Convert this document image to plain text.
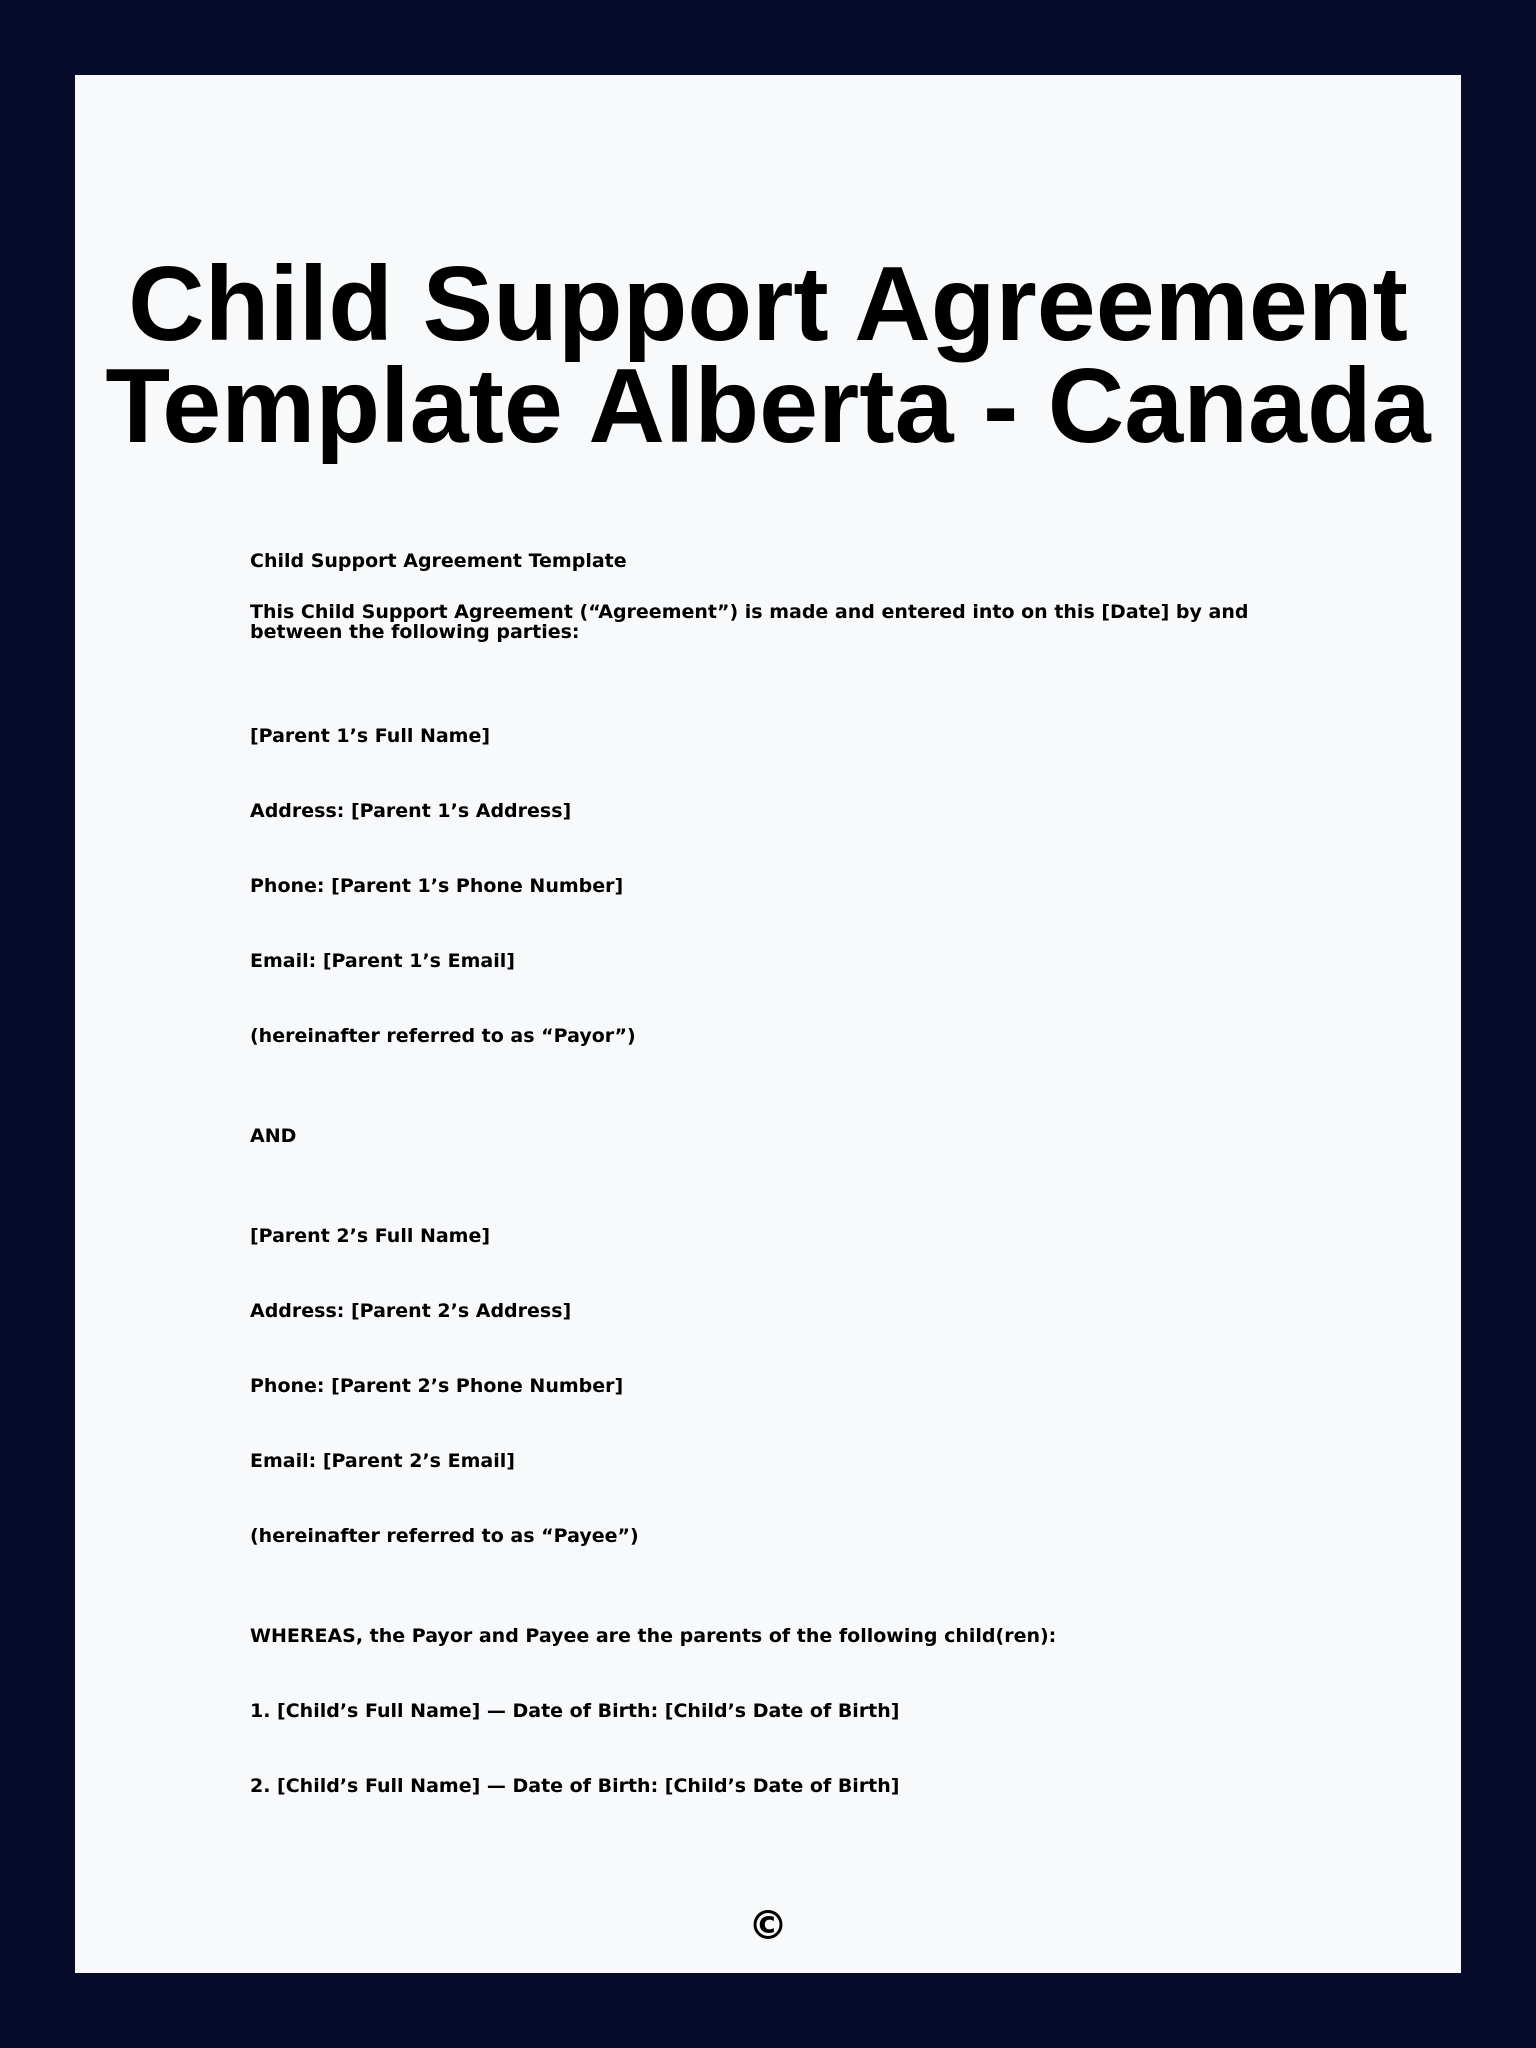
Child Support Agreement
Template Alberta - Canada
Child Support Agreement Template
This Child Support Agreement (“Agreement”) is made and entered into on this [Date] by and between the following parties:
[Parent 1’s Full Name]
Address: [Parent 1’s Address]
Phone: [Parent 1’s Phone Number]
Email: [Parent 1’s Email]
(hereinafter referred to as “Payor”)
AND
[Parent 2’s Full Name]
Address: [Parent 2’s Address]
Phone: [Parent 2’s Phone Number]
Email: [Parent 2’s Email]
(hereinafter referred to as “Payee”)
WHEREAS, the Payor and Payee are the parents of the following child(ren):
1. [Child’s Full Name] — Date of Birth: [Child’s Date of Birth]
2. [Child’s Full Name] — Date of Birth: [Child’s Date of Birth]
©
